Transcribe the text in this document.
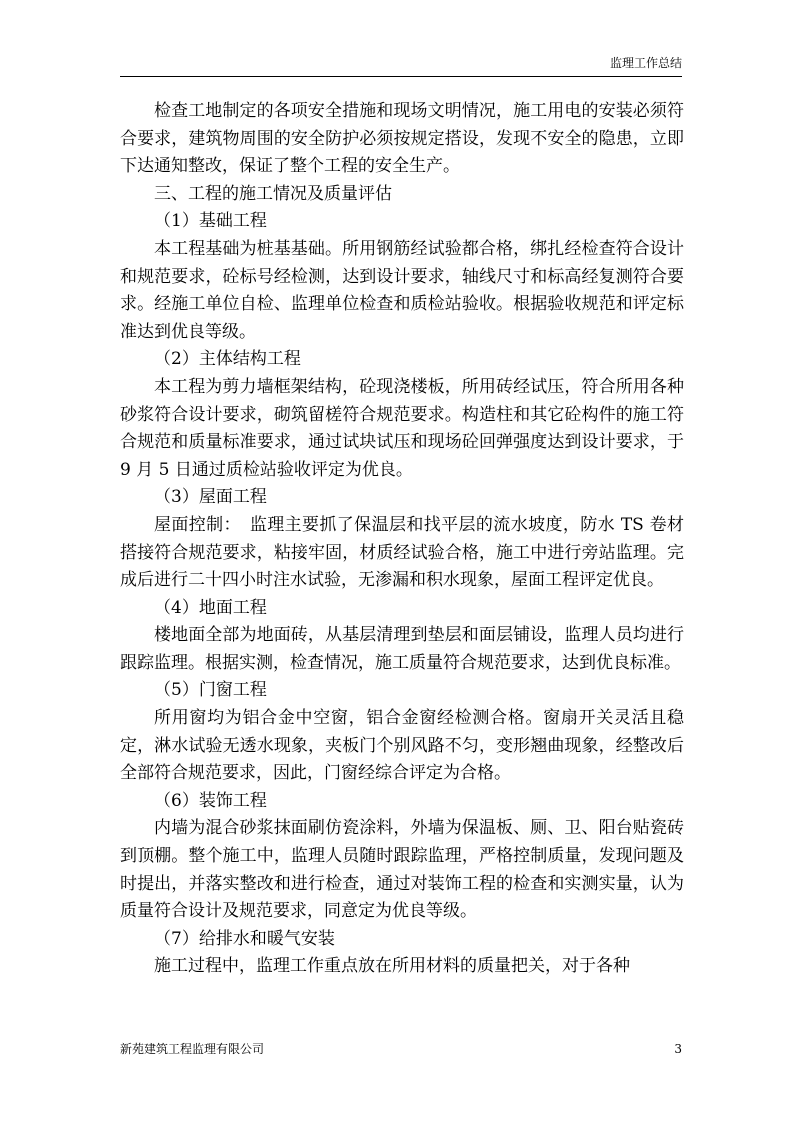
监理工作总结

检查工地制定的各项安全措施和现场文明情况，施工用电的安装必须符合要求，建筑物周围的安全防护必须按规定搭设，发现不安全的隐患，立即下达通知整改，保证了整个工程的安全生产。

三、工程的施工情况及质量评估

（1）基础工程

本工程基础为桩基基础。所用钢筋经试验都合格，绑扎经检查符合设计和规范要求，砼标号经检测，达到设计要求，轴线尺寸和标高经复测符合要求。经施工单位自检、监理单位检查和质检站验收。根据验收规范和评定标准达到优良等级。

（2）主体结构工程

本工程为剪力墙框架结构，砼现浇楼板，所用砖经试压，符合所用各种砂浆符合设计要求，砌筑留槎符合规范要求。构造柱和其它砼构件的施工符合规范和质量标准要求，通过试块试压和现场砼回弹强度达到设计要求，于 9 月 5 日通过质检站验收评定为优良。

（3）屋面工程

屋面控制：　监理主要抓了保温层和找平层的流水坡度，防水 TS 卷材搭接符合规范要求，粘接牢固，材质经试验合格，施工中进行旁站监理。完成后进行二十四小时注水试验，无渗漏和积水现象，屋面工程评定优良。

（4）地面工程

楼地面全部为地面砖，从基层清理到垫层和面层铺设，监理人员均进行跟踪监理。根据实测，检查情况，施工质量符合规范要求，达到优良标准。

（5）门窗工程

所用窗均为铝合金中空窗，铝合金窗经检测合格。窗扇开关灵活且稳定，淋水试验无透水现象，夹板门个别风路不匀，变形翘曲现象，经整改后全部符合规范要求，因此，门窗经综合评定为合格。

（6）装饰工程

内墙为混合砂浆抹面刷仿瓷涂料，外墙为保温板、厕、卫、阳台贴瓷砖到顶棚。整个施工中，监理人员随时跟踪监理，严格控制质量，发现问题及时提出，并落实整改和进行检查，通过对装饰工程的检查和实测实量，认为质量符合设计及规范要求，同意定为优良等级。

（7）给排水和暖气安装

施工过程中，监理工作重点放在所用材料的质量把关，对于各种

新苑建筑工程监理有限公司	3
